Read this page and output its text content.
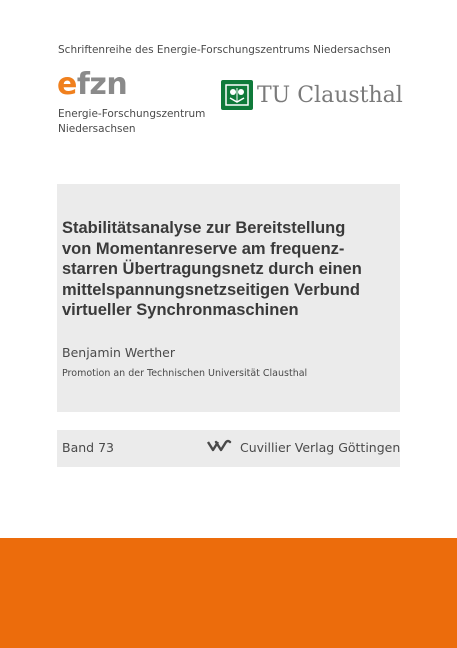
Schriftenreihe des Energie-Forschungszentrums Niedersachsen
efzn
Energie-Forschungszentrum
Niedersachsen
TU Clausthal
Stabilitätsanalyse zur Bereitstellung
von Momentanreserve am frequenz-
starren Übertragungsnetz durch einen
mittelspannungsnetzseitigen Verbund
virtueller Synchronmaschinen
Benjamin Werther
Promotion an der Technischen Universität Clausthal
Band 73	Cuvillier Verlag Göttingen
